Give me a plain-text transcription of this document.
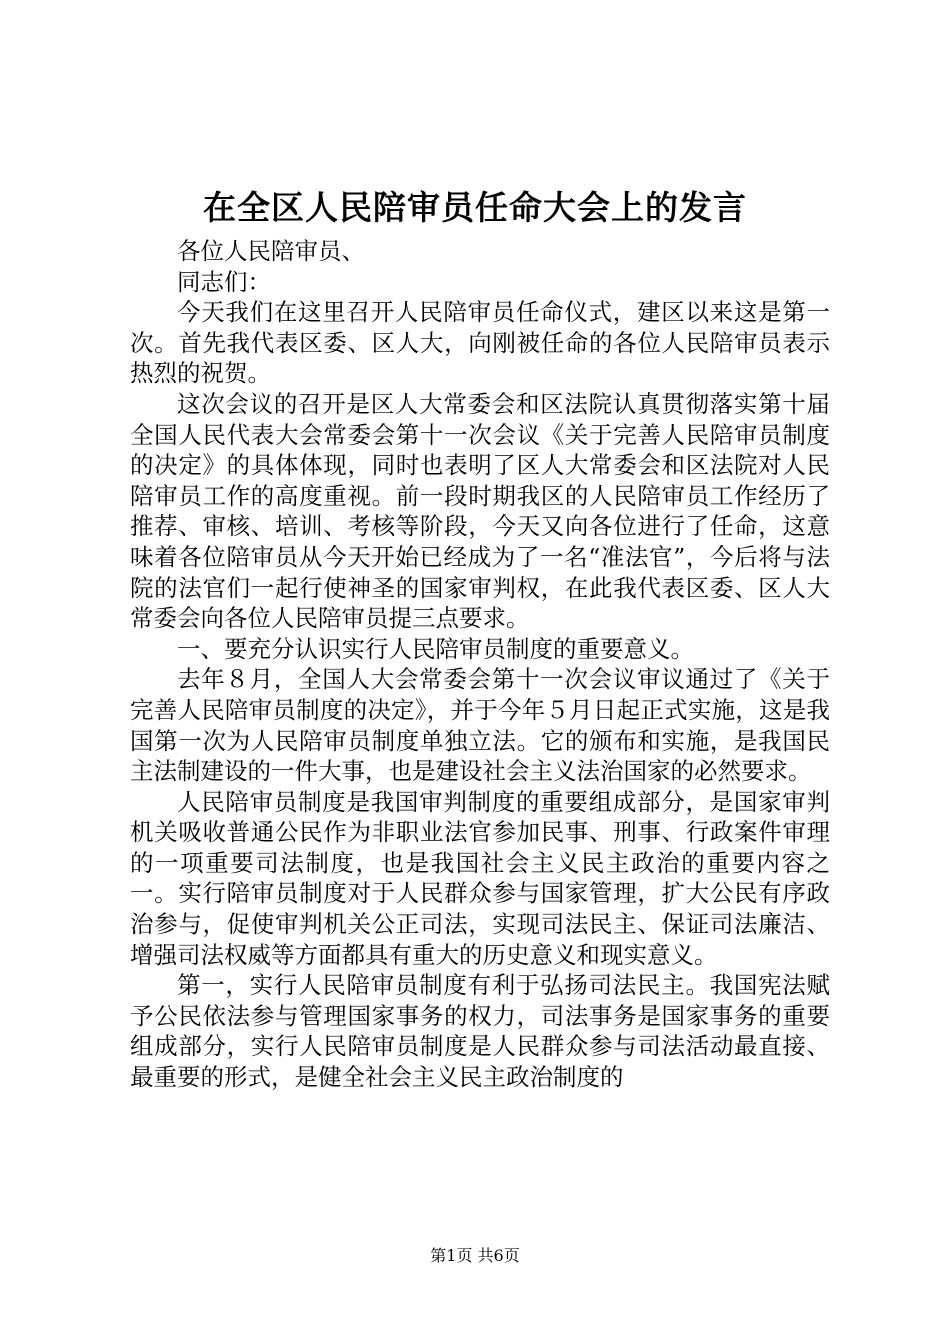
在全区人民陪审员任命大会上的发言

各位人民陪审员、

同志们：

今天我们在这里召开人民陪审员任命仪式，建区以来这是第一次。首先我代表区委、区人大，向刚被任命的各位人民陪审员表示热烈的祝贺。

这次会议的召开是区人大常委会和区法院认真贯彻落实第十届全国人民代表大会常委会第十一次会议《关于完善人民陪审员制度的决定》的具体体现，同时也表明了区人大常委会和区法院对人民陪审员工作的高度重视。前一段时期我区的人民陪审员工作经历了推荐、审核、培训、考核等阶段，今天又向各位进行了任命，这意味着各位陪审员从今天开始已经成为了一名“准法官”，今后将与法院的法官们一起行使神圣的国家审判权，在此我代表区委、区人大常委会向各位人民陪审员提三点要求。

一、要充分认识实行人民陪审员制度的重要意义。

去年８月，全国人大会常委会第十一次会议审议通过了《关于完善人民陪审员制度的决定》，并于今年５月日起正式实施，这是我国第一次为人民陪审员制度单独立法。它的颁布和实施，是我国民主法制建设的一件大事，也是建设社会主义法治国家的必然要求。

人民陪审员制度是我国审判制度的重要组成部分，是国家审判机关吸收普通公民作为非职业法官参加民事、刑事、行政案件审理的一项重要司法制度，也是我国社会主义民主政治的重要内容之一。实行陪审员制度对于人民群众参与国家管理，扩大公民有序政治参与，促使审判机关公正司法，实现司法民主、保证司法廉洁、增强司法权威等方面都具有重大的历史意义和现实意义。

第一，实行人民陪审员制度有利于弘扬司法民主。我国宪法赋予公民依法参与管理国家事务的权力，司法事务是国家事务的重要组成部分，实行人民陪审员制度是人民群众参与司法活动最直接、最重要的形式，是健全社会主义民主政治制度的

第1页 共6页
